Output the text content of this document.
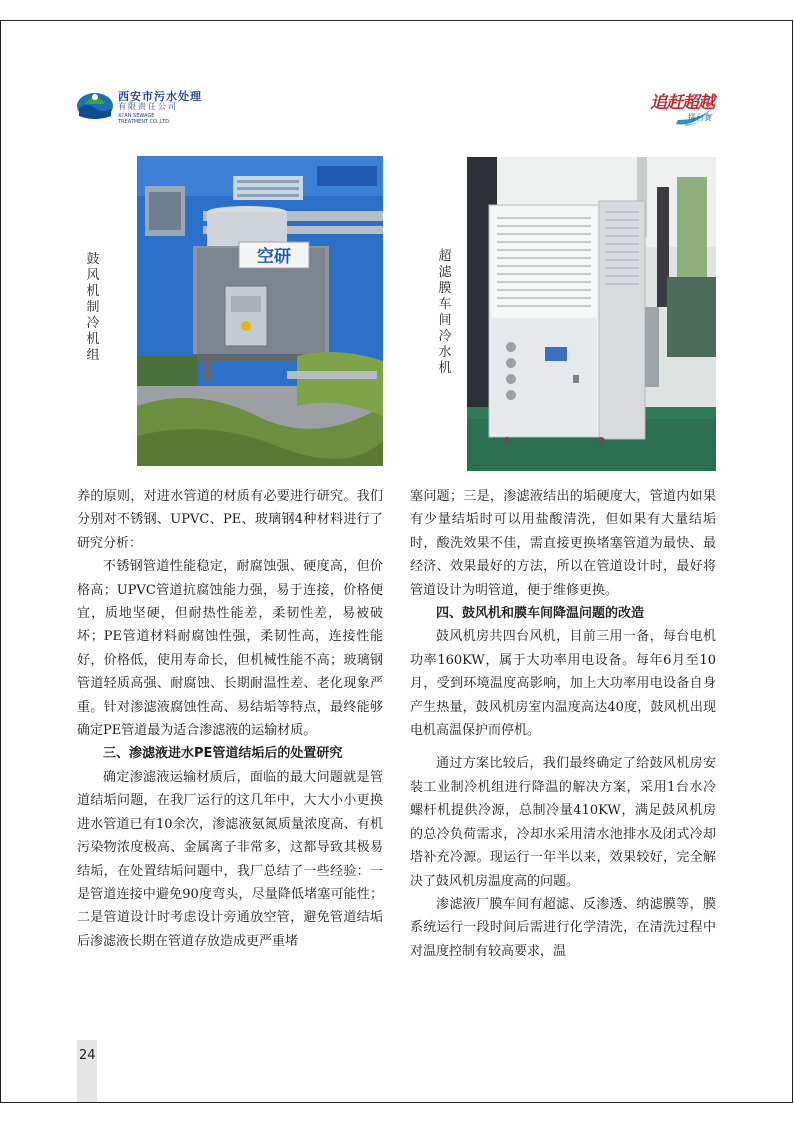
西安市污水处理
有限责任公司
XI'AN SEWAGE
TREATMENT CO.,LTD.
追赶超越
擂台赛
鼓
风
机
制
冷
机
组
空研	超
滤
膜
车
间
冷
水
机

养的原则，对进水管道的材质有必要进行研究。我们分别对不锈钢、UPVC、PE、玻璃钢4种材料进行了研究分析：

不锈钢管道性能稳定，耐腐蚀强、硬度高，但价格高；UPVC管道抗腐蚀能力强，易于连接，价格便宜，质地坚硬，但耐热性能差，柔韧性差，易被破坏；PE管道材料耐腐蚀性强，柔韧性高，连接性能好，价格低，使用寿命长，但机械性能不高；玻璃钢管道轻质高强、耐腐蚀、长期耐温性差、老化现象严重。针对渗滤液腐蚀性高、易结垢等特点，最终能够确定PE管道最为适合渗滤液的运输材质。

三、渗滤液进水PE管道结垢后的处置研究

确定渗滤液运输材质后，面临的最大问题就是管道结垢问题，在我厂运行的这几年中，大大小小更换进水管道已有10余次，渗滤液氨氮质量浓度高、有机污染物浓度极高、金属离子非常多，这都导致其极易结垢，在处置结垢问题中，我厂总结了一些经验：一是管道连接中避免90度弯头，尽量降低堵塞可能性；二是管道设计时考虑设计旁通放空管，避免管道结垢后渗滤液长期在管道存放造成更严重堵

塞问题；三是，渗滤液结出的垢硬度大，管道内如果有少量结垢时可以用盐酸清洗，但如果有大量结垢时，酸洗效果不佳，需直接更换堵塞管道为最快、最经济、效果最好的方法，所以在管道设计时，最好将管道设计为明管道，便于维修更换。

四、鼓风机和膜车间降温问题的改造

鼓风机房共四台风机，目前三用一备，每台电机功率160KW，属于大功率用电设备。每年6月至10月，受到环境温度高影响，加上大功率用电设备自身产生热量，鼓风机房室内温度高达40度，鼓风机出现电机高温保护而停机。

通过方案比较后，我们最终确定了给鼓风机房安装工业制冷机组进行降温的解决方案，采用1台水冷螺杆机提供冷源，总制冷量410KW，满足鼓风机房的总冷负荷需求，冷却水采用清水池排水及闭式冷却塔补充冷源。现运行一年半以来，效果较好，完全解决了鼓风机房温度高的问题。

渗滤液厂膜车间有超滤、反渗透、纳滤膜等，膜系统运行一段时间后需进行化学清洗，在清洗过程中对温度控制有较高要求，温

24
